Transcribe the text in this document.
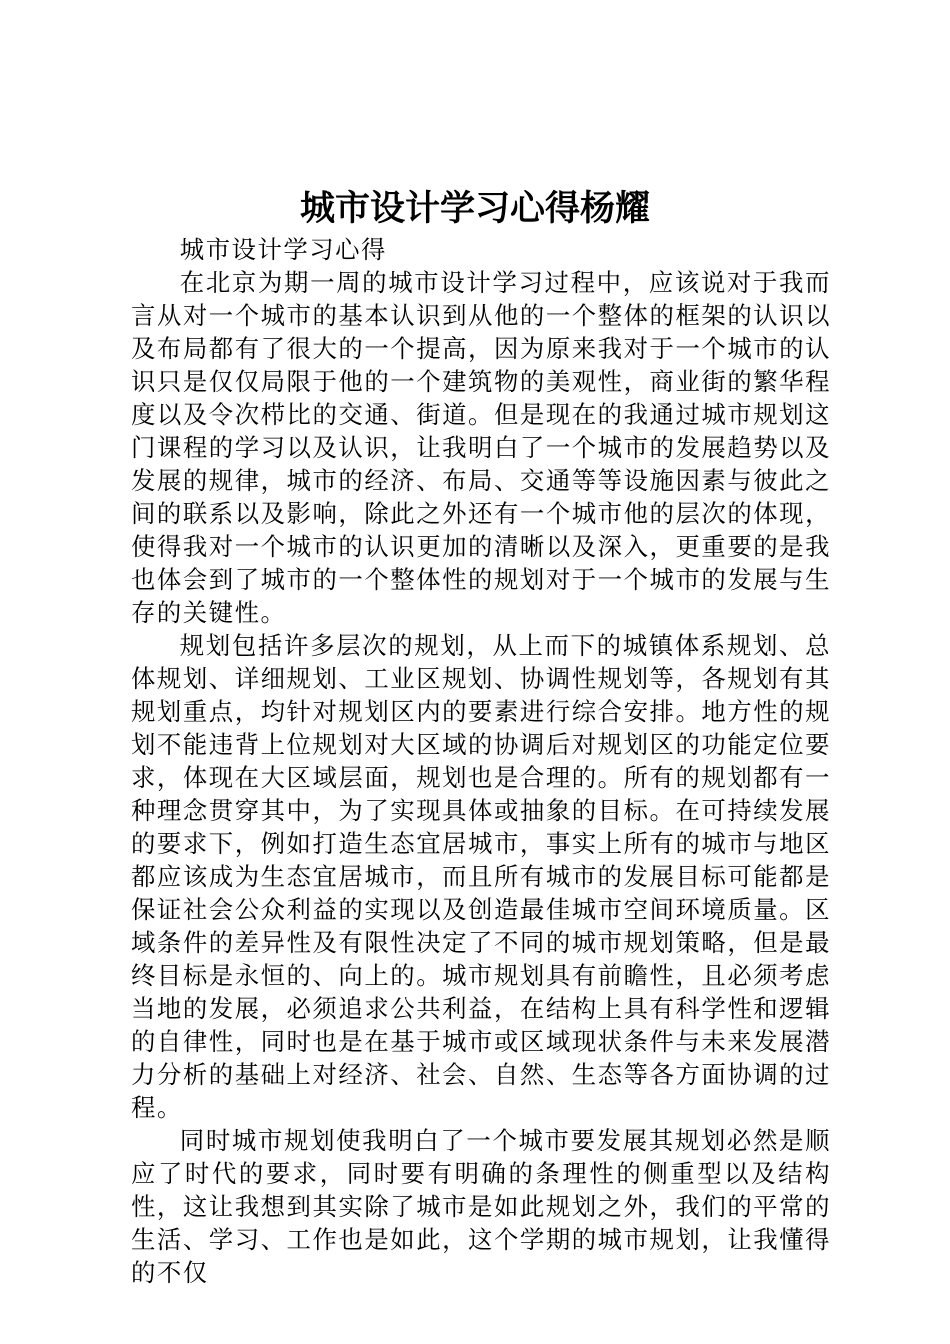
城市设计学习心得杨耀

城市设计学习心得

在北京为期一周的城市设计学习过程中，应该说对于我而言从对一个城市的基本认识到从他的一个整体的框架的认识以及布局都有了很大的一个提高，因为原来我对于一个城市的认识只是仅仅局限于他的一个建筑物的美观性，商业街的繁华程度以及令次栉比的交通、街道。但是现在的我通过城市规划这门课程的学习以及认识，让我明白了一个城市的发展趋势以及发展的规律，城市的经济、布局、交通等等设施因素与彼此之间的联系以及影响，除此之外还有一个城市他的层次的体现，使得我对一个城市的认识更加的清晰以及深入，更重要的是我也体会到了城市的一个整体性的规划对于一个城市的发展与生存的关键性。

规划包括许多层次的规划，从上而下的城镇体系规划、总体规划、详细规划、工业区规划、协调性规划等，各规划有其规划重点，均针对规划区内的要素进行综合安排。地方性的规划不能违背上位规划对大区域的协调后对规划区的功能定位要求，体现在大区域层面，规划也是合理的。所有的规划都有一种理念贯穿其中，为了实现具体或抽象的目标。在可持续发展的要求下，例如打造生态宜居城市，事实上所有的城市与地区都应该成为生态宜居城市，而且所有城市的发展目标可能都是保证社会公众利益的实现以及创造最佳城市空间环境质量。区域条件的差异性及有限性决定了不同的城市规划策略，但是最终目标是永恒的、向上的。城市规划具有前瞻性，且必须考虑当地的发展，必须追求公共利益，在结构上具有科学性和逻辑的自律性，同时也是在基于城市或区域现状条件与未来发展潜力分析的基础上对经济、社会、自然、生态等各方面协调的过程。

同时城市规划使我明白了一个城市要发展其规划必然是顺应了时代的要求，同时要有明确的条理性的侧重型以及结构性，这让我想到其实除了城市是如此规划之外，我们的平常的生活、学习、工作也是如此，这个学期的城市规划，让我懂得的不仅
